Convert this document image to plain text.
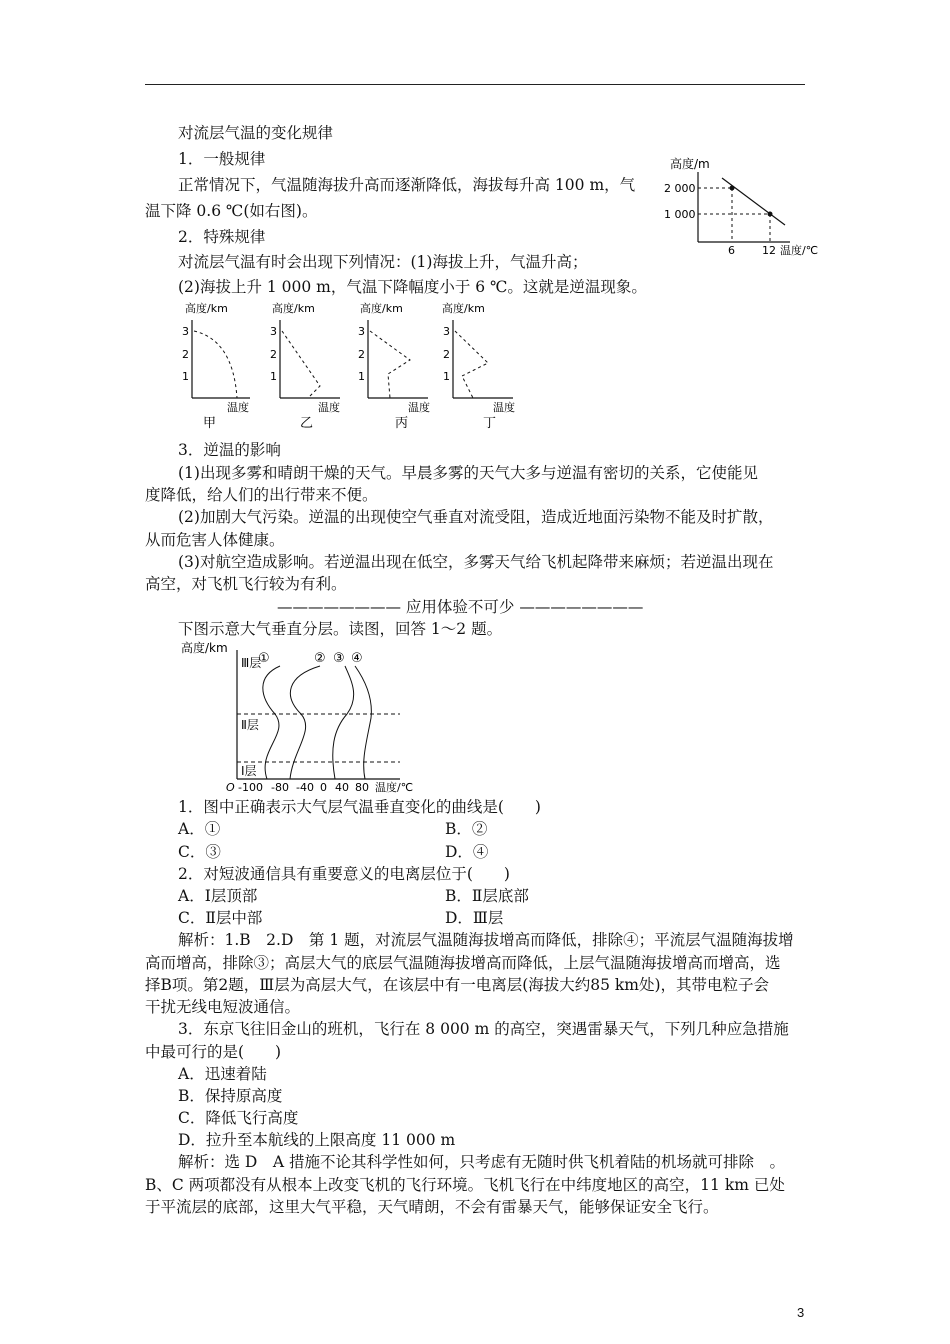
对流层气温的变化规律
1．一般规律
正常情况下，气温随海拔升高而逐渐降低，海拔每升高 100 m，气
温下降 0.6 ℃(如右图)。
2．特殊规律
对流层气温有时会出现下列情况：(1)海拔上升，气温升高；
(2)海拔上升 1 000 m，气温下降幅度小于 6 ℃。这就是逆温现象。
高度/m
2 000
1 000
6 12 温度/℃
高度/km
3
2
1
温度
甲
高度/km
3
2
1
温度
乙
高度/km
3
2
1
温度
丙
高度/km
3
2
1
温度
丁
3．逆温的影响
(1)出现多雾和晴朗干燥的天气。早晨多雾的天气大多与逆温有密切的关系，它使能见
度降低，给人们的出行带来不便。
(2)加剧大气污染。逆温的出现使空气垂直对流受阻，造成近地面污染物不能及时扩散，
从而危害人体健康。
(3)对航空造成影响。若逆温出现在低空，多雾天气给飞机起降带来麻烦；若逆温出现在
高空，对飞机飞行较为有利。
———————— 应用体验不可少 ————————
下图示意大气垂直分层。读图，回答 1～2 题。
高度/km
Ⅲ层
Ⅱ层
Ⅰ层
①	② ③ ④
O -100 -80 -40 0 40 80 温度/℃
1．图中正确表示大气层气温垂直变化的曲线是(　　)
A．①	B．②
C．③	D．④
2．对短波通信具有重要意义的电离层位于(　　)
A．Ⅰ层顶部	B．Ⅱ层底部
C．Ⅱ层中部	D．Ⅲ层
解析：1.B　2.D　第 1 题，对流层气温随海拔增高而降低，排除④；平流层气温随海拔增
高而增高，排除③；高层大气的底层气温随海拔增高而降低，上层气温随海拔增高而增高，选
择B项。第2题，Ⅲ层为高层大气，在该层中有一电离层(海拔大约85 km处)，其带电粒子会
干扰无线电短波通信。
3．东京飞往旧金山的班机，飞行在 8 000 m 的高空，突遇雷暴天气，下列几种应急措施
中最可行的是(　　)
A．迅速着陆
B．保持原高度
C．降低飞行高度
D．拉升至本航线的上限高度 11 000 m
解析：选 D　A 措施不论其科学性如何，只考虑有无随时供飞机着陆的机场就可排除　。
B、C 两项都没有从根本上改变飞机的飞行环境。飞机飞行在中纬度地区的高空，11 km 已处
于平流层的底部，这里大气平稳，天气晴朗，不会有雷暴天气，能够保证安全飞行。
3
